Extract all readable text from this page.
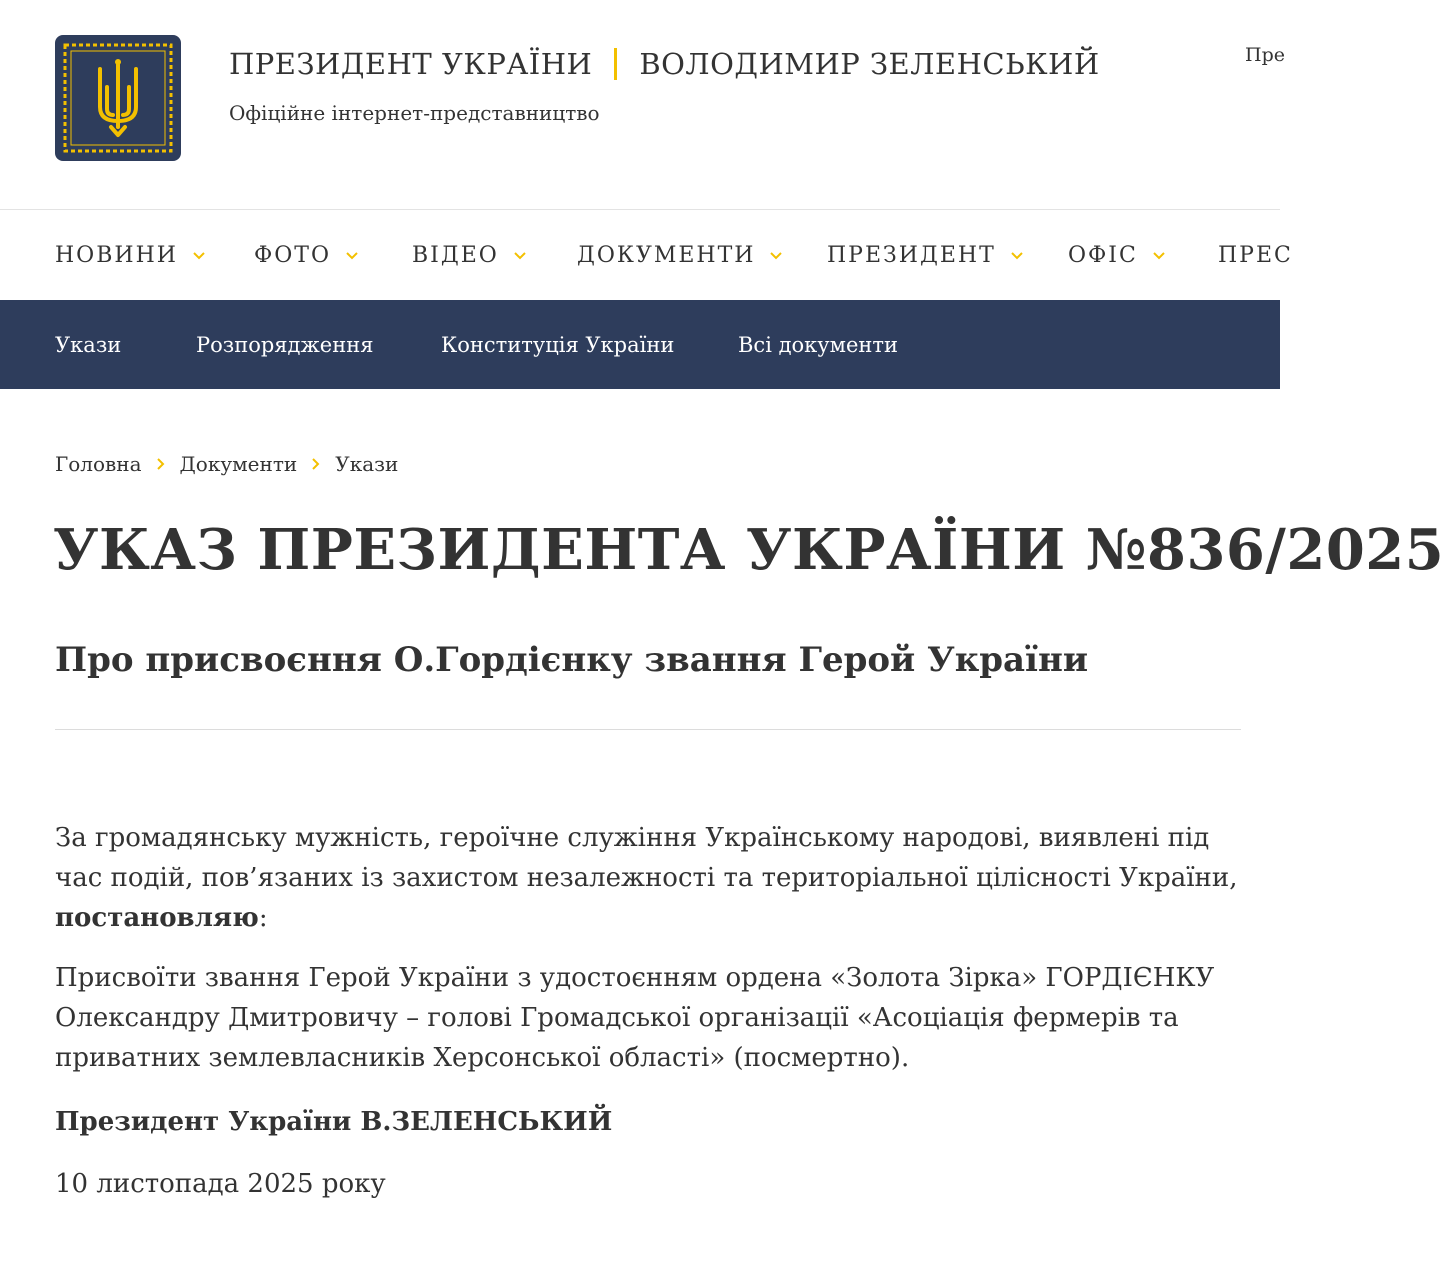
ПРЕЗИДЕНТ УКРАЇНИ ВОЛОДИМИР ЗЕЛЕНСЬКИЙ
Офіційне інтернет-представництво
Пре
НОВИНИ	ФОТО	ВІДЕО	ДОКУМЕНТИ	ПРЕЗИДЕНТ	ОФІС	ПРЕС
Укази	Розпорядження	Конституція України	Всі документи
Головна Документи Укази
УКАЗ ПРЕЗИДЕНТА УКРАЇНИ №836/2025
Про присвоєння О.Гордієнку звання Герой України

За громадянську мужність, героїчне служіння Українському народові, виявлені під час подій, пов’язаних із захистом незалежності та територіальної цілісності України, постановляю:

Присвоїти звання Герой України з удостоєнням ордена «Золота Зірка» ГОРДІЄНКУ Олександру Дмитровичу – голові Громадської організації «Асоціація фермерів та приватних землевласників Херсонської області» (посмертно).

Президент України В.ЗЕЛЕНСЬКИЙ

10 листопада 2025 року
